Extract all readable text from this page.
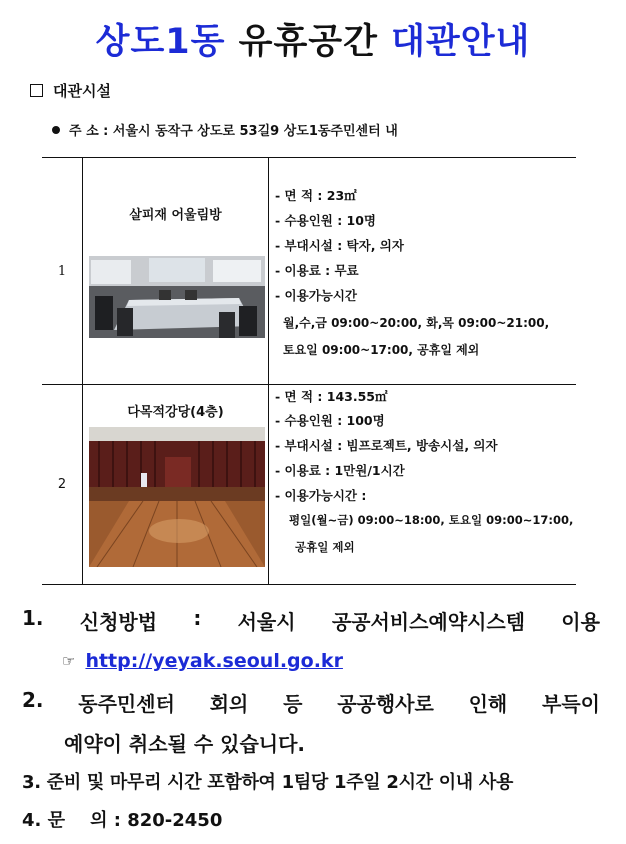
상도1동 유휴공간 대관안내
대관시설
주 소 : 서울시 동작구 상도로 53길9 상도1동주민센터 내
1
살피재 어울림방
- 면 적 : 23㎡
- 수용인원 : 10명
- 부대시설 : 탁자, 의자
- 이용료 : 무료
- 이용가능시간
월,수,금 09:00~20:00, 화,목 09:00~21:00,
토요일 09:00~17:00, 공휴일 제외
2
다목적강당(4층)
- 면 적 : 143.55㎡
- 수용인원 : 100명
- 부대시설 : 빔프로젝트, 방송시설, 의자
- 이용료 : 1만원/1시간
- 이용가능시간 :
평일(월~금) 09:00~18:00, 토요일 09:00~17:00,
공휴일 제외
1. 신청방법 : 서울시 공공서비스예약시스템 이용
☞ http://yeyak.seoul.go.kr
2. 동주민센터 회의 등 공공행사로 인해 부득이
예약이 취소될 수 있습니다.
3. 준비 및 마무리 시간 포함하여 1팀당 1주일 2시간 이내 사용
4. 문    의 : 820-2450
